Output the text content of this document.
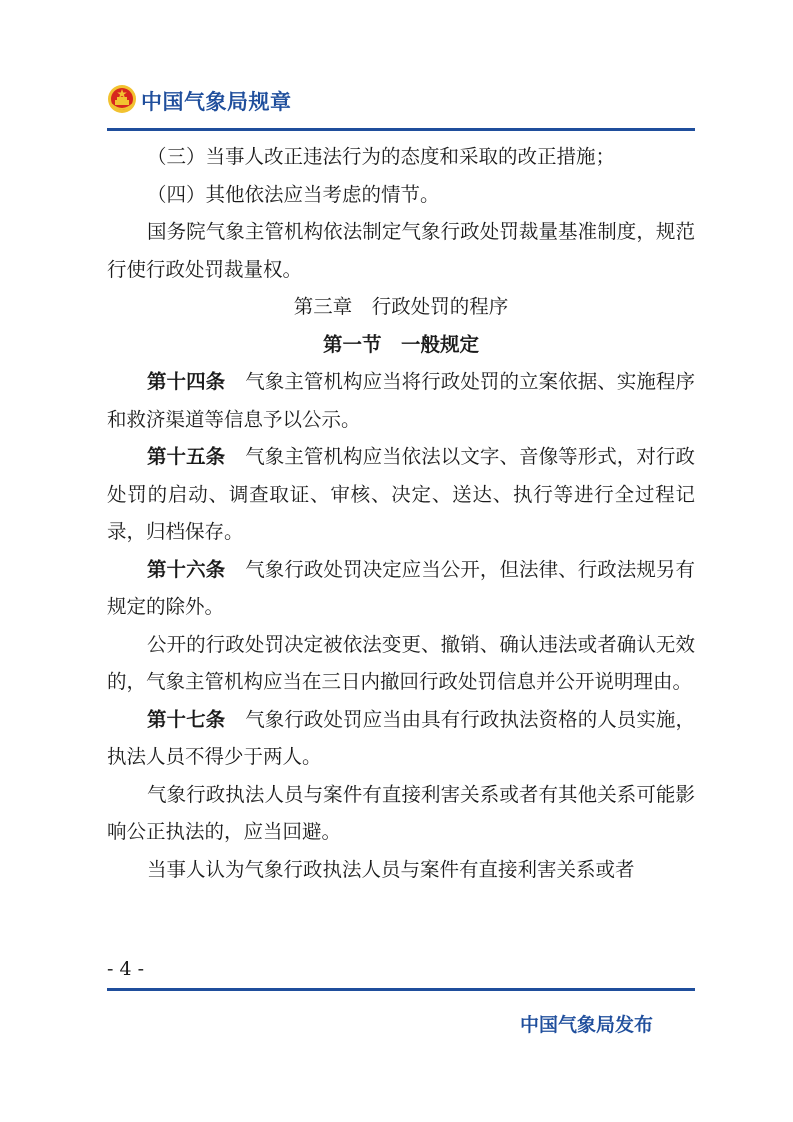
中国气象局规章

（三）当事人改正违法行为的态度和采取的改正措施；

（四）其他依法应当考虑的情节。

国务院气象主管机构依法制定气象行政处罚裁量基准制度，规范行使行政处罚裁量权。

第三章　行政处罚的程序

第一节　一般规定

第十四条 气象主管机构应当将行政处罚的立案依据、实施程序和救济渠道等信息予以公示。

第十五条 气象主管机构应当依法以文字、音像等形式，对行政处罚的启动、调查取证、审核、决定、送达、执行等进行全过程记录，归档保存。

第十六条 气象行政处罚决定应当公开，但法律、行政法规另有规定的除外。

公开的行政处罚决定被依法变更、撤销、确认违法或者确认无效的，气象主管机构应当在三日内撤回行政处罚信息并公开说明理由。

第十七条 气象行政处罚应当由具有行政执法资格的人员实施，执法人员不得少于两人。

气象行政执法人员与案件有直接利害关系或者有其他关系可能影响公正执法的，应当回避。

当事人认为气象行政执法人员与案件有直接利害关系或者

- 4 -
中国气象局发布
